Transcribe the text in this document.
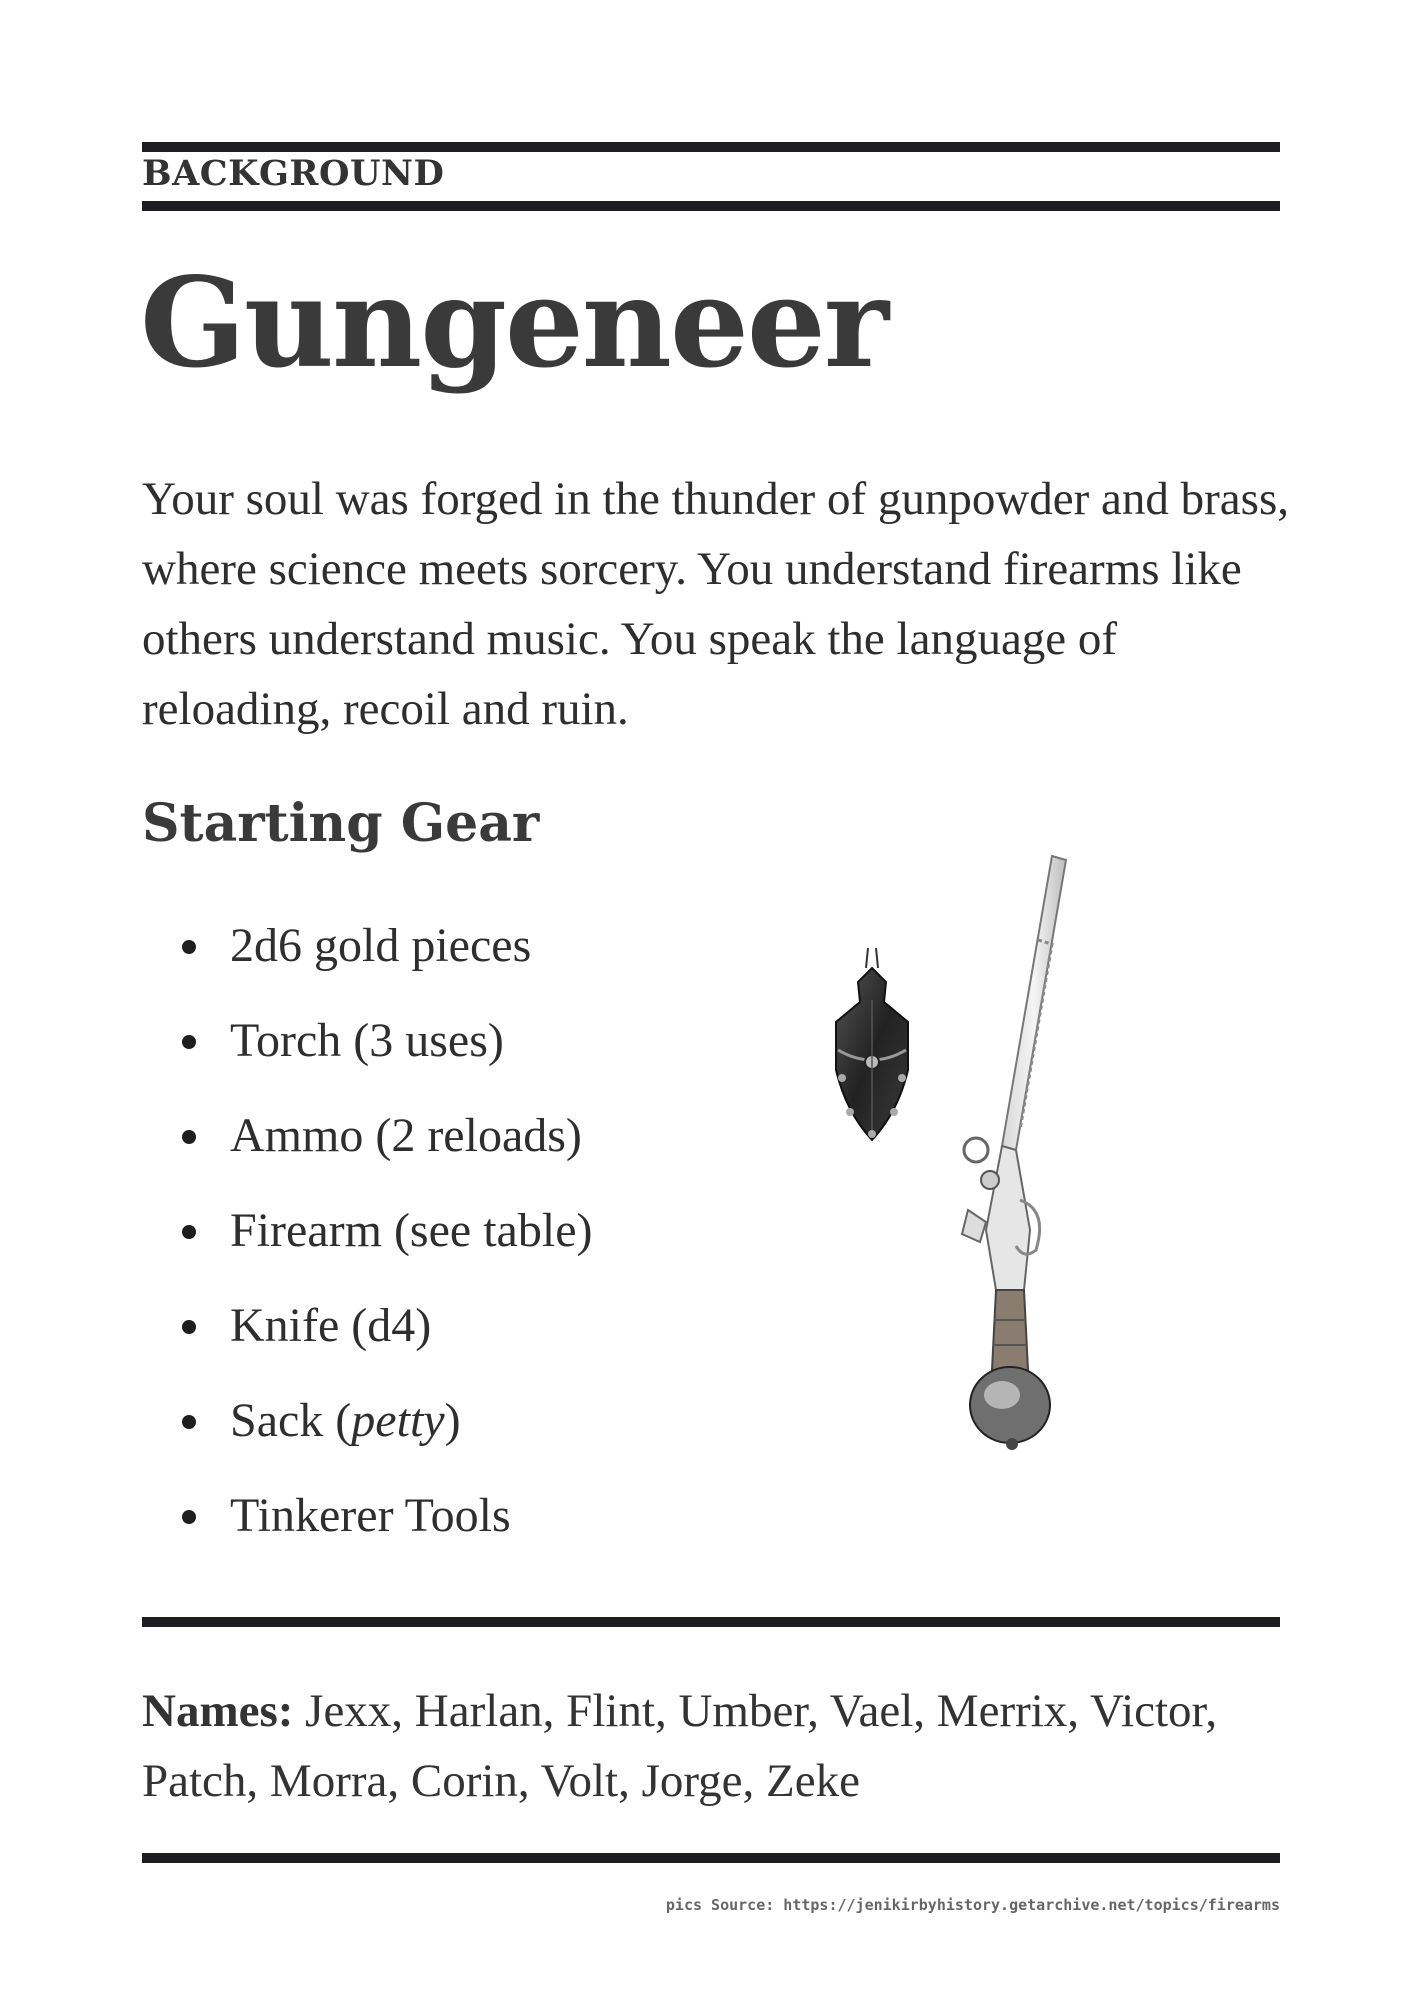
BACKGROUND
Gungeneer

Your soul was forged in the thunder of gunpowder and brass, where science meets sorcery. You understand firearms like others understand music. You speak the language of reloading, recoil and ruin.

Starting Gear
2d6 gold pieces
Torch (3 uses)
Ammo (2 reloads)
Firearm (see table)
Knife (d4)
Sack (petty)
Tinkerer Tools

Names: Jexx, Harlan, Flint, Umber, Vael, Merrix, Victor, Patch, Morra, Corin, Volt, Jorge, Zeke

pics Source: https://jenikirbyhistory.getarchive.net/topics/firearms
